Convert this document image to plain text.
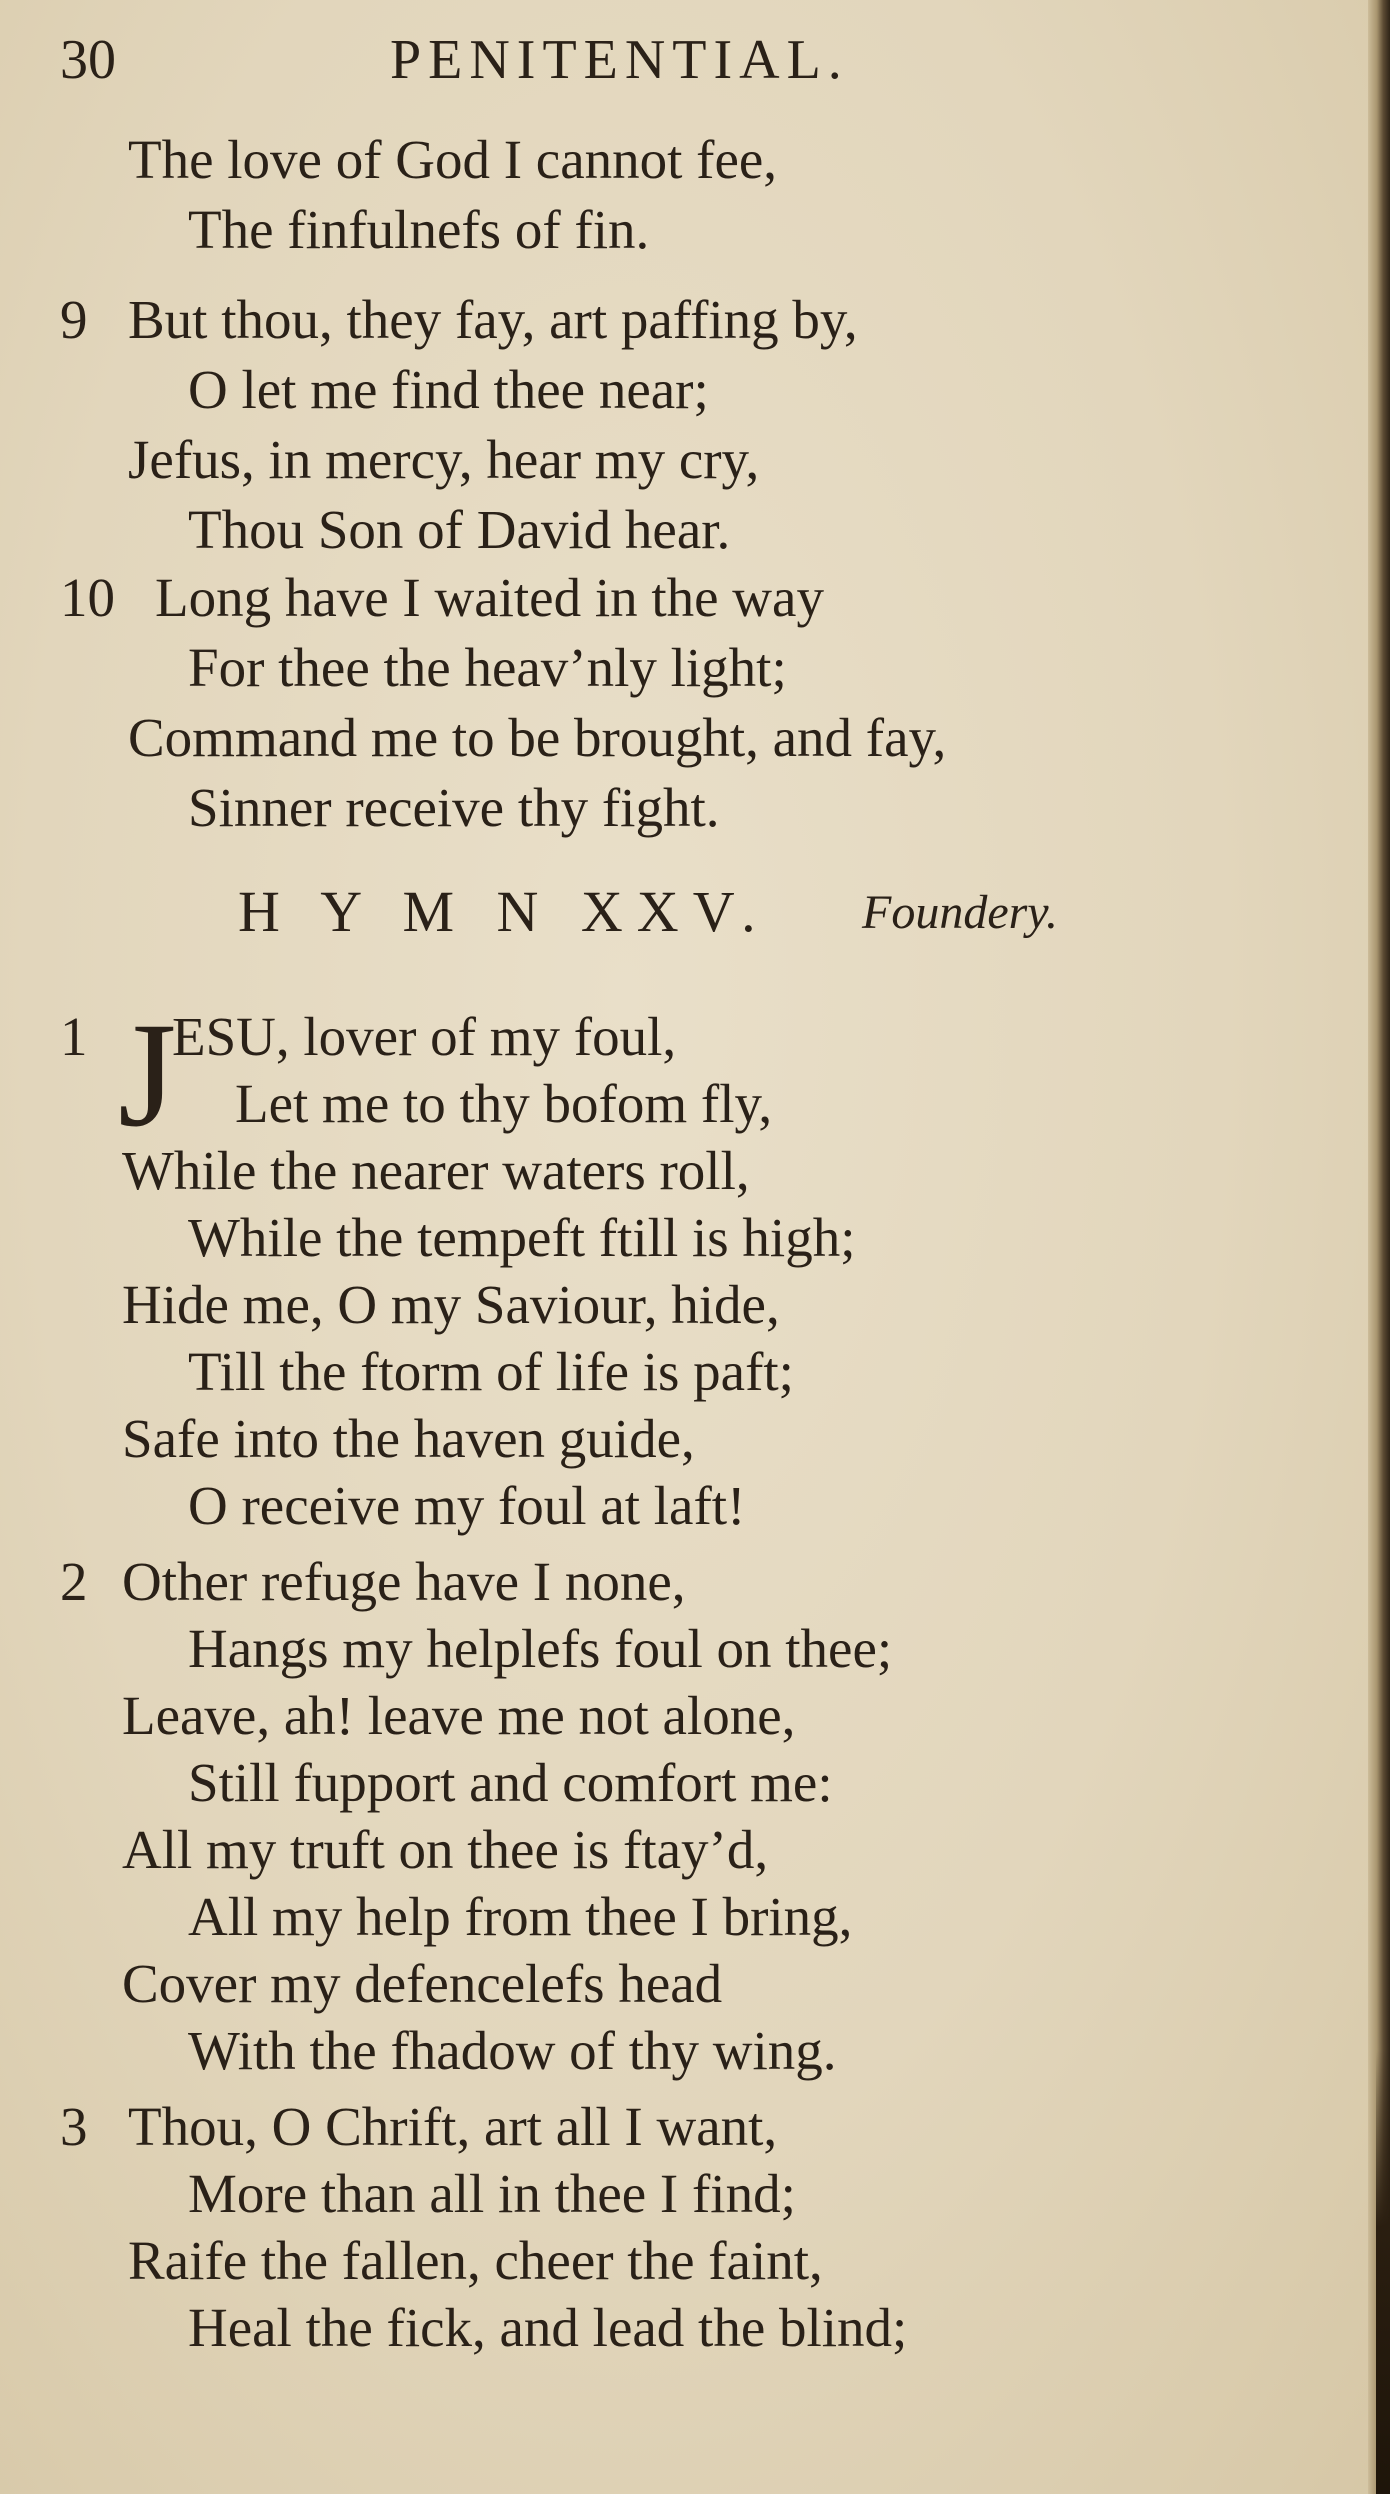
30	PENITENTIAL.
The love of God I cannot fee,
The finfulnefs of fin.
9 But thou, they fay, art paffing by,
O let me find thee near;
Jefus, in mercy, hear my cry,
Thou Son of David hear.
10 Long have I waited in the way
For thee the heav’nly light;
Command me to be brought, and fay,
Sinner receive thy fight.
H Y M N XXV. Foundery.
1 J
ESU, lover of my foul,
Let me to thy bofom fly,
While the nearer waters roll,
While the tempeft ftill is high;
Hide me, O my Saviour, hide,
Till the ftorm of life is paft;
Safe into the haven guide,
O receive my foul at laft!
2 Other refuge have I none,
Hangs my helplefs foul on thee;
Leave, ah! leave me not alone,
Still fupport and comfort me:
All my truft on thee is ftay’d,
All my help from thee I bring,
Cover my defencelefs head
With the fhadow of thy wing.
3 Thou, O Chrift, art all I want,
More than all in thee I find;
Raife the fallen, cheer the faint,
Heal the fick, and lead the blind;
